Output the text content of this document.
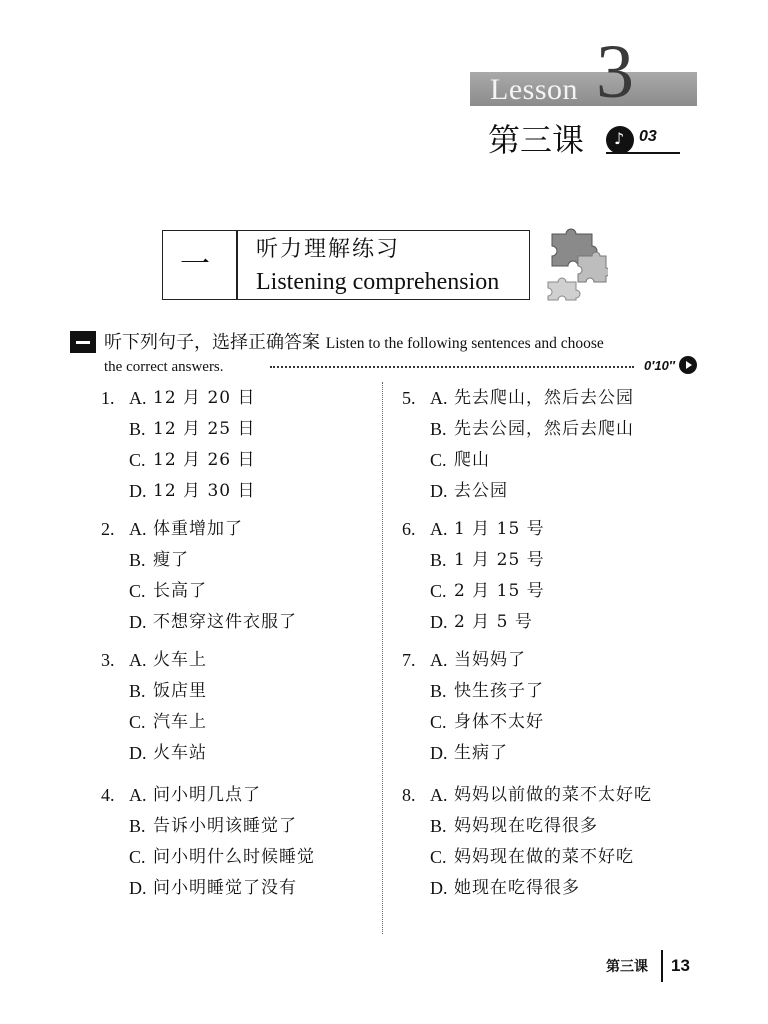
Lesson 3
第三课 ♪ 03
一 听力理解练习
Listening comprehension
听下列句子，选择正确答案 Listen to the following sentences and choose
the correct answers.	0′10″
1. A. 12 月 20 日
B. 12 月 25 日
C. 12 月 26 日
D. 12 月 30 日
2. A. 体重增加了
B. 瘦了
C. 长高了
D. 不想穿这件衣服了
3. A. 火车上
B. 饭店里
C. 汽车上
D. 火车站
4. A. 问小明几点了
B. 告诉小明该睡觉了
C. 问小明什么时候睡觉
D. 问小明睡觉了没有
5. A. 先去爬山，然后去公园
B. 先去公园，然后去爬山
C. 爬山
D. 去公园
6. A. 1 月 15 号
B. 1 月 25 号
C. 2 月 15 号
D. 2 月 5 号
7. A. 当妈妈了
B. 快生孩子了
C. 身体不太好
D. 生病了
8. A. 妈妈以前做的菜不太好吃
B. 妈妈现在吃得很多
C. 妈妈现在做的菜不好吃
D. 她现在吃得很多
第三课 13
